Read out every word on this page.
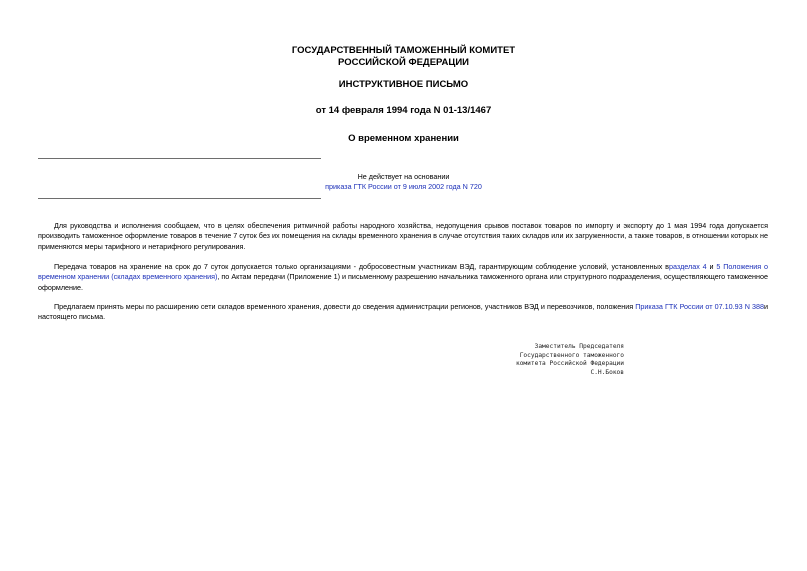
ГОСУДАРСТВЕННЫЙ ТАМОЖЕННЫЙ КОМИТЕТ
РОССИЙСКОЙ ФЕДЕРАЦИИ
ИНСТРУКТИВНОЕ ПИСЬМО
от 14 февраля 1994 года N 01-13/1467
О временном хранении
Не действует на основании
приказа ГТК России от 9 июля 2002 года N 720

Для руководства и исполнения сообщаем, что в целях обеспечения ритмичной работы народного хозяйства, недопущения срывов поставок товаров по импорту и экспорту до 1 мая 1994 года допускается производить таможенное оформление товаров в течение 7 суток без их помещения на склады временного хранения в случае отсутствия таких складов или их загруженности, а также товаров, в отношении которых не применяются меры тарифного и нетарифного регулирования.

Передача товаров на хранение на срок до 7 суток допускается только организациями - добросовестным участникам ВЭД, гарантирующим соблюдение условий, установленных вразделах 4 и 5 Положения о временном хранении (складах временного хранения), по Актам передачи (Приложение 1) и письменному разрешению начальника таможенного органа или структурного подразделения, осуществляющего таможенное оформление.

Предлагаем принять меры по расширению сети складов временного хранения, довести до сведения администрации регионов, участников ВЭД и перевозчиков, положения Приказа ГТК России от 07.10.93 N 388и настоящего письма.

Заместитель Председателя
Государственного таможенного
комитета Российской Федерации
С.Н.Боков
